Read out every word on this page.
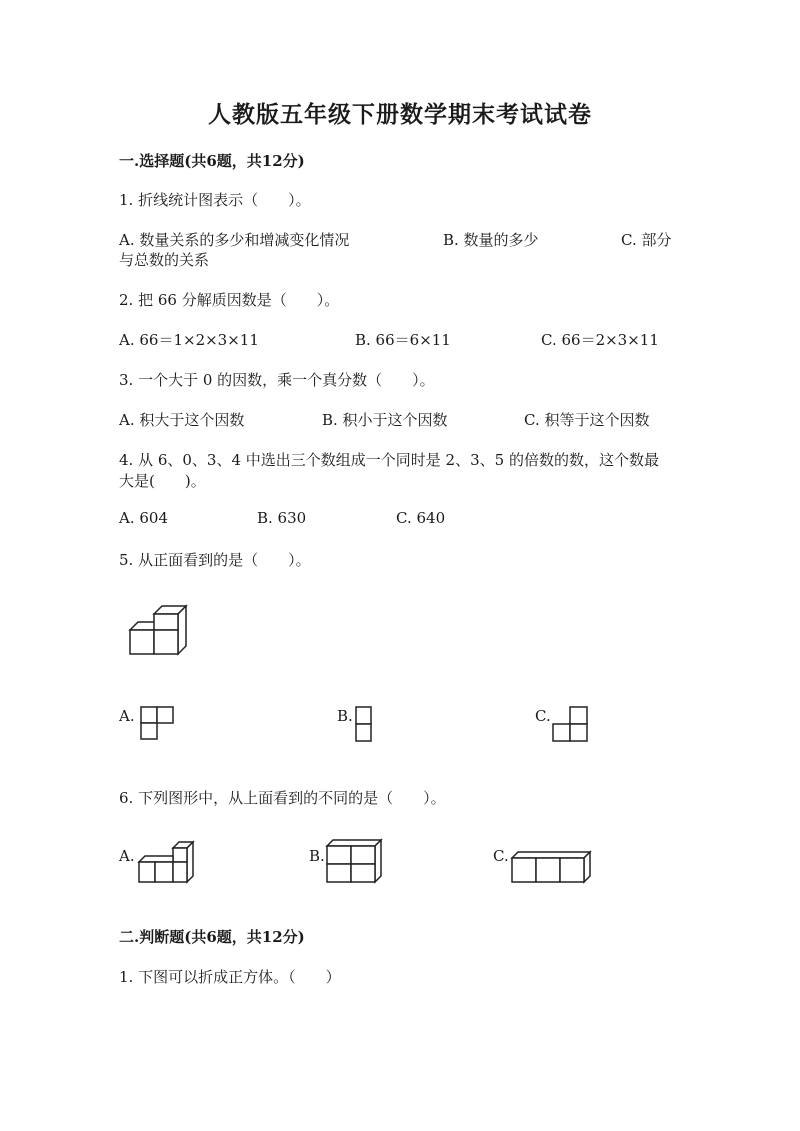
人教版五年级下册数学期末考试试卷
一.选择题(共6题，共12分)
1. 折线统计图表示（　　）。
A. 数量关系的多少和增减变化情况	B. 数量的多少	C. 部分
与总数的关系
2. 把 66 分解质因数是（　　）。
A. 66＝1×2×3×11	B. 66＝6×11	C. 66＝2×3×11
3. 一个大于 0 的因数，乘一个真分数（　　）。
A. 积大于这个因数	B. 积小于这个因数	C. 积等于这个因数
4. 从 6、0、3、4 中选出三个数组成一个同时是 2、3、5 的倍数的数，这个数最
大是(　　)。
A. 604	B. 630	C. 640
5. 从正面看到的是（　　）。
A.	B.	C.
6. 下列图形中，从上面看到的不同的是（　　）。
A.	B.	C.
二.判断题(共6题，共12分)
1. 下图可以折成正方体。（　　）
